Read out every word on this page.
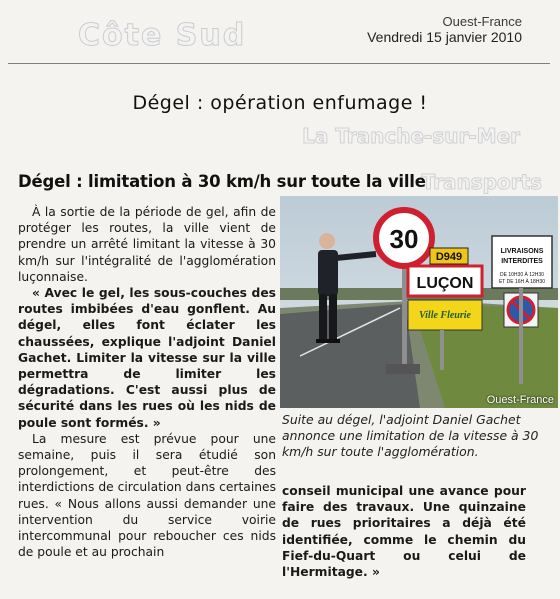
Côte Sud
La Tranche-sur-Mer
Transports
Ouest-France
Vendredi 15 janvier 2010
Dégel : opération enfumage !
Dégel : limitation à 30 km/h sur toute la ville

À la sortie de la période de gel, afin de protéger les routes, la ville vient de prendre un arrêté limitant la vitesse à 30 km/h sur l'intégralité de l'agglomération luçonnaise.

« Avec le gel, les sous-couches des routes imbibées d'eau gonflent. Au dégel, elles font éclater les chaussées, explique l'adjoint Daniel Gachet. Limiter la vitesse sur la ville permettra de limiter les dégradations. C'est aussi plus de sécurité dans les rues où les nids de poule sont formés. »

La mesure est prévue pour une semaine, puis il sera étudié son prolongement, et peut-être des interdictions de circulation dans certaines rues. « Nous allons aussi demander une intervention du service voirie intercommunal pour reboucher ces nids de poule et au prochain

30
D949
LUÇON
Ville Fleurie
LIVRAISONS
INTERDITES
DE 10H30 À 12H30
ET DE 16H À 18H30
Ouest-France
Suite au dégel, l'adjoint Daniel Gachet annonce une limitation de la vitesse à 30 km/h sur toute l'agglomération.

conseil municipal une avance pour faire des travaux. Une quinzaine de rues prioritaires a déjà été identifiée, comme le chemin du Fief-du-Quart ou celui de l'Hermitage. »
